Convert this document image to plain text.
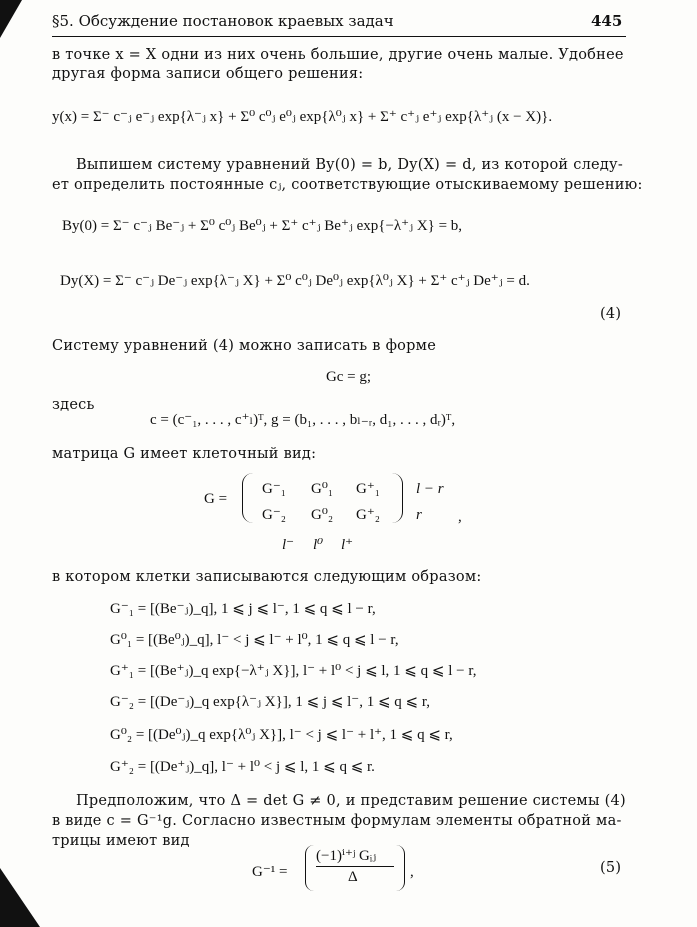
§5. Обсуждение постановок краевых задач	445
в точке x = X одни из них очень большие, другие очень малые. Удобнее
другая форма записи общего решения:
y(x) = Σ⁻ c⁻ⱼ e⁻ⱼ exp{λ⁻ⱼ x} + Σ⁰ c⁰ⱼ e⁰ⱼ exp{λ⁰ⱼ x} + Σ⁺ c⁺ⱼ e⁺ⱼ exp{λ⁺ⱼ (x − X)}.
Выпишем систему уравнений By(0) = b, Dy(X) = d, из которой следу-
ет определить постоянные cⱼ, соответствующие отыскиваемому решению:
By(0) = Σ⁻ c⁻ⱼ Be⁻ⱼ + Σ⁰ c⁰ⱼ Be⁰ⱼ + Σ⁺ c⁺ⱼ Be⁺ⱼ exp{−λ⁺ⱼ X} = b,
Dy(X) = Σ⁻ c⁻ⱼ De⁻ⱼ exp{λ⁻ⱼ X} + Σ⁰ c⁰ⱼ De⁰ⱼ exp{λ⁰ⱼ X} + Σ⁺ c⁺ⱼ De⁺ⱼ = d.
(4)
Систему уравнений (4) можно записать в форме
Gc = g;
здесь
c = (c⁻₁, . . . , c⁺ₗ)ᵀ, g = (b₁, . . . , bₗ₋ᵣ, d₁, . . . , dᵣ)ᵀ,
матрица G имеет клеточный вид:
G =
G⁻₁ G⁰₁ G⁺₁
G⁻₂ G⁰₂ G⁺₂
l − r
r ,
l⁻ l⁰ l⁺
в котором клетки записываются следующим образом:
G⁻₁ = [(Be⁻ⱼ)_q], 1 ⩽ j ⩽ l⁻, 1 ⩽ q ⩽ l − r,
G⁰₁ = [(Be⁰ⱼ)_q], l⁻ < j ⩽ l⁻ + l⁰, 1 ⩽ q ⩽ l − r,
G⁺₁ = [(Be⁺ⱼ)_q exp{−λ⁺ⱼ X}], l⁻ + l⁰ < j ⩽ l, 1 ⩽ q ⩽ l − r,
G⁻₂ = [(De⁻ⱼ)_q exp{λ⁻ⱼ X}], 1 ⩽ j ⩽ l⁻, 1 ⩽ q ⩽ r,
G⁰₂ = [(De⁰ⱼ)_q exp{λ⁰ⱼ X}], l⁻ < j ⩽ l⁻ + l⁺, 1 ⩽ q ⩽ r,
G⁺₂ = [(De⁺ⱼ)_q], l⁻ + l⁰ < j ⩽ l, 1 ⩽ q ⩽ r.
Предположим, что Δ = det G ≠ 0, и представим решение системы (4)
в виде c = G⁻¹g. Согласно известным формулам элементы обратной ма-
трицы имеют вид
G⁻¹ =
(−1)ⁱ⁺ʲ Gᵢⱼ
Δ	,	(5)
